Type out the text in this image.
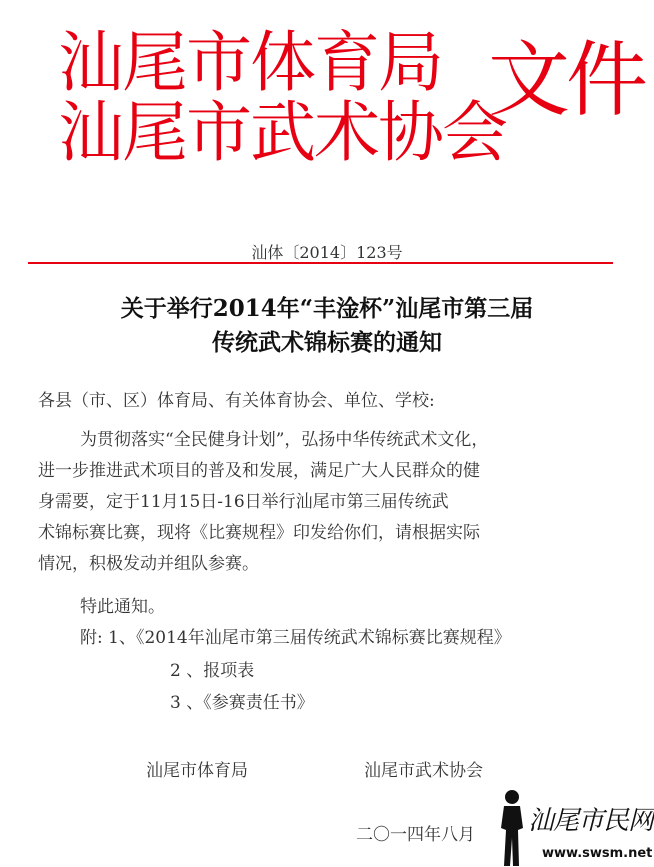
汕尾市体育局
汕尾市武术协会
文件
汕体〔2014〕123号
关于举行2014年“丰淦杯”汕尾市第三届
传统武术锦标赛的通知
各县（市、区）体育局、有关体育协会、单位、学校:
为贯彻落实“全民健身计划”，弘扬中华传统武术文化，
进一步推进武术项目的普及和发展，满足广大人民群众的健
身需要，定于11月15日-16日举行汕尾市第三届传统武
术锦标赛比赛，现将《比赛规程》印发给你们，请根据实际
情况，积极发动并组队参赛。
特此通知。
附: 1、《2014年汕尾市第三届传统武术锦标赛比赛规程》
2 、报项表
3 、《参赛责任书》
汕尾市体育局	汕尾市武术协会
二〇一四年八月 汕尾市民网
www.swsm.net
